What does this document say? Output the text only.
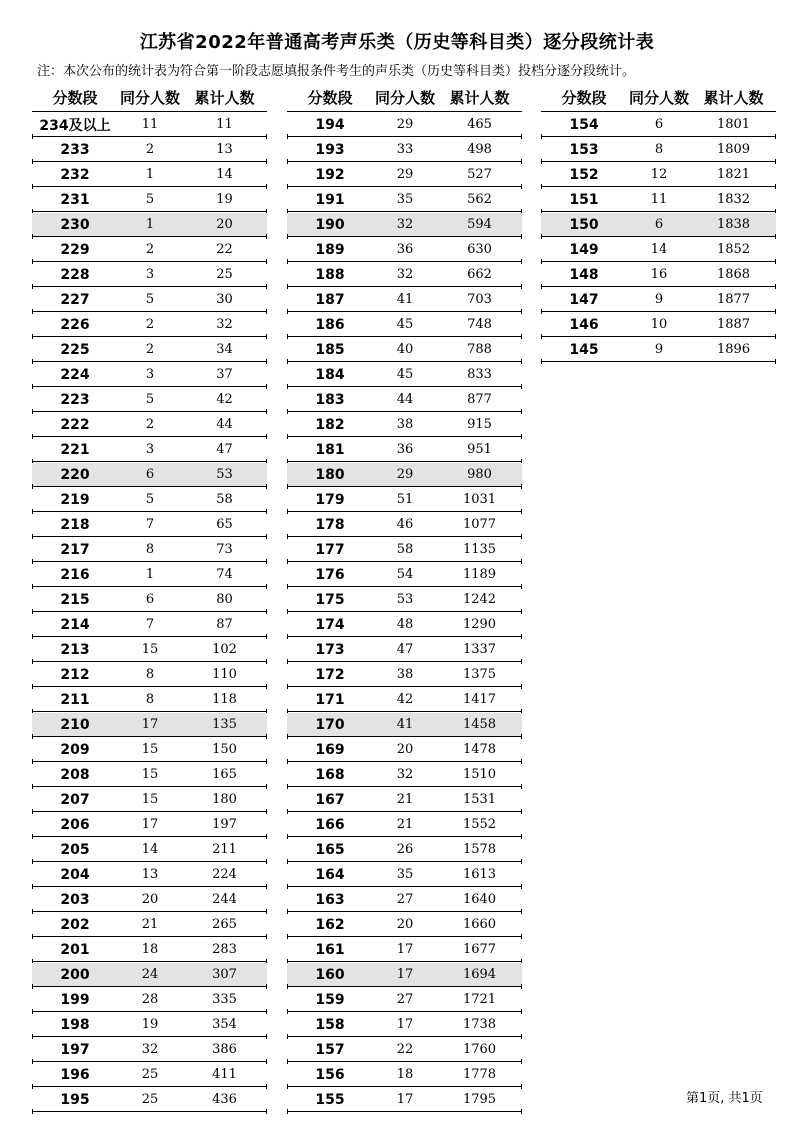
江苏省2022年普通高考声乐类（历史等科目类）逐分段统计表
注：本次公布的统计表为符合第一阶段志愿填报条件考生的声乐类（历史等科目类）投档分逐分段统计。
分数段	同分人数 累计人数
234及以上	11	11
233	2	13
232	1	14
231	5	19
230	1	20
229	2	22
228	3	25
227	5	30
226	2	32
225	2	34
224	3	37
223	5	42
222	2	44
221	3	47
220	6	53
219	5	58
218	7	65
217	8	73
216	1	74
215	6	80
214	7	87
213	15	102
212	8	110
211	8	118
210	17	135
209	15	150
208	15	165
207	15	180
206	17	197
205	14	211
204	13	224
203	20	244
202	21	265
201	18	283
200	24	307
199	28	335
198	19	354
197	32	386
196	25	411
195	25	436
分数段	同分人数 累计人数
194	29	465
193	33	498
192	29	527
191	35	562
190	32	594
189	36	630
188	32	662
187	41	703
186	45	748
185	40	788
184	45	833
183	44	877
182	38	915
181	36	951
180	29	980
179	51	1031
178	46	1077
177	58	1135
176	54	1189
175	53	1242
174	48	1290
173	47	1337
172	38	1375
171	42	1417
170	41	1458
169	20	1478
168	32	1510
167	21	1531
166	21	1552
165	26	1578
164	35	1613
163	27	1640
162	20	1660
161	17	1677
160	17	1694
159	27	1721
158	17	1738
157	22	1760
156	18	1778
155	17	1795
分数段	同分人数 累计人数
154	6	1801
153	8	1809
152	12	1821
151	11	1832
150	6	1838
149	14	1852
148	16	1868
147	9	1877
146	10	1887
145	9	1896
第1页, 共1页
